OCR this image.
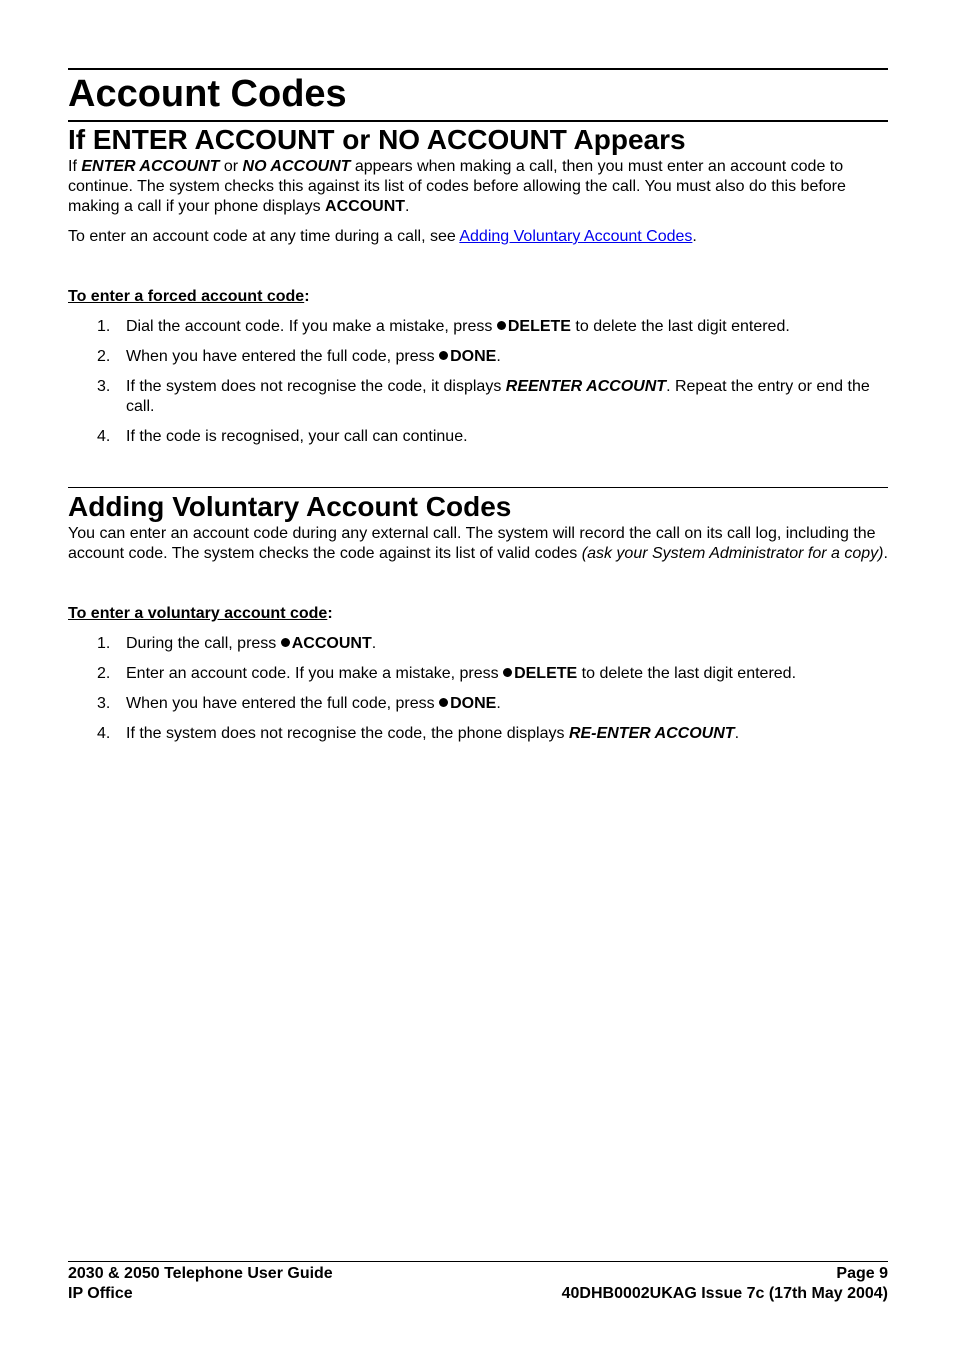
Account Codes
If ENTER ACCOUNT or NO ACCOUNT Appears

If ENTER ACCOUNT or NO ACCOUNT appears when making a call, then you must enter an account code to continue. The system checks this against its list of codes before allowing the call. You must also do this before making a call if your phone displays ACCOUNT.

To enter an account code at any time during a call, see Adding Voluntary Account Codes.

To enter a forced account code:
1. Dial the account code. If you make a mistake, press DELETE to delete the last digit entered.
2. When you have entered the full code, press DONE.
3. If the system does not recognise the code, it displays REENTER ACCOUNT. Repeat the entry or end the call.
4. If the code is recognised, your call can continue.
Adding Voluntary Account Codes

You can enter an account code during any external call. The system will record the call on its call log, including the account code. The system checks the code against its list of valid codes (ask your System Administrator for a copy).

To enter a voluntary account code:
1. During the call, press ACCOUNT.
2. Enter an account code. If you make a mistake, press DELETE to delete the last digit entered.
3. When you have entered the full code, press DONE.
4. If the system does not recognise the code, the phone displays RE-ENTER ACCOUNT.
2030 & 2050 Telephone User Guide	Page 9
IP Office	40DHB0002UKAG Issue 7c (17th May 2004)
